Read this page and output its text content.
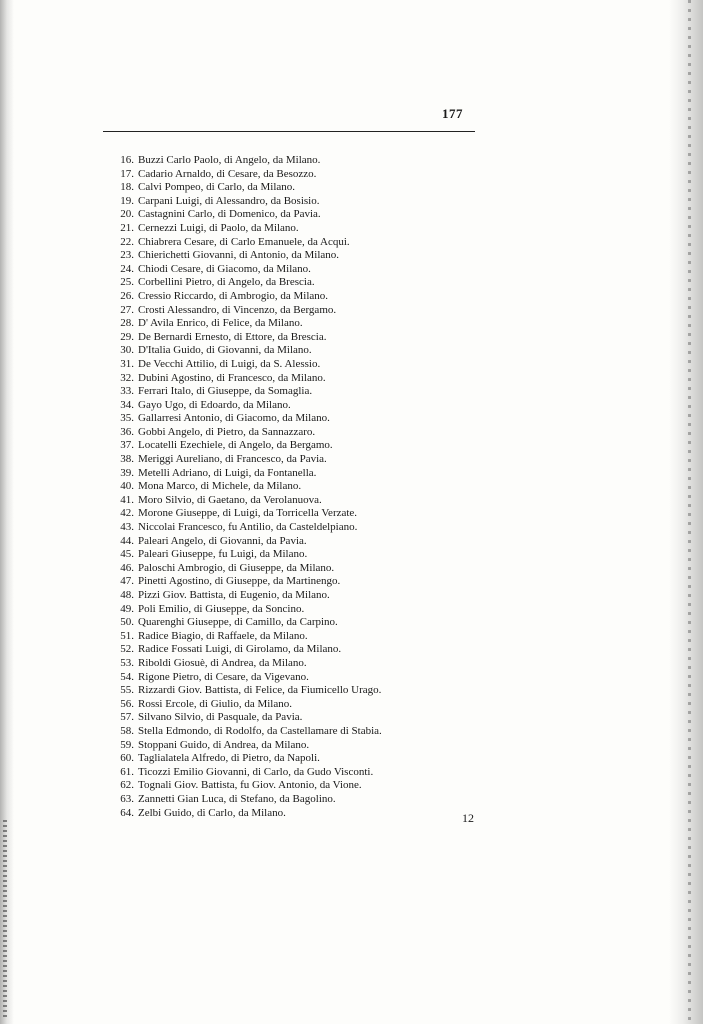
177
16. Buzzi Carlo Paolo, di Angelo, da Milano.
17. Cadario Arnaldo, di Cesare, da Besozzo.
18. Calvi Pompeo, di Carlo, da Milano.
19. Carpani Luigi, di Alessandro, da Bosisio.
20. Castagnini Carlo, di Domenico, da Pavia.
21. Cernezzi Luigi, di Paolo, da Milano.
22. Chiabrera Cesare, di Carlo Emanuele, da Acqui.
23. Chierichetti Giovanni, di Antonio, da Milano.
24. Chiodi Cesare, di Giacomo, da Milano.
25. Corbellini Pietro, di Angelo, da Brescia.
26. Cressio Riccardo, di Ambrogio, da Milano.
27. Crosti Alessandro, di Vincenzo, da Bergamo.
28. D' Avila Enrico, di Felice, da Milano.
29. De Bernardi Ernesto, di Ettore, da Brescia.
30. D'Italia Guido, di Giovanni, da Milano.
31. De Vecchi Attilio, di Luigi, da S. Alessio.
32. Dubini Agostino, di Francesco, da Milano.
33. Ferrari Italo, di Giuseppe, da Somaglia.
34. Gayo Ugo, di Edoardo, da Milano.
35. Gallarresi Antonio, di Giacomo, da Milano.
36. Gobbi Angelo, di Pietro, da Sannazzaro.
37. Locatelli Ezechiele, di Angelo, da Bergamo.
38. Meriggi Aureliano, di Francesco, da Pavia.
39. Metelli Adriano, di Luigi, da Fontanella.
40. Mona Marco, di Michele, da Milano.
41. Moro Silvio, di Gaetano, da Verolanuova.
42. Morone Giuseppe, di Luigi, da Torricella Verzate.
43. Niccolai Francesco, fu Antilio, da Casteldelpiano.
44. Paleari Angelo, di Giovanni, da Pavia.
45. Paleari Giuseppe, fu Luigi, da Milano.
46. Paloschi Ambrogio, di Giuseppe, da Milano.
47. Pinetti Agostino, di Giuseppe, da Martinengo.
48. Pizzi Giov. Battista, di Eugenio, da Milano.
49. Poli Emilio, di Giuseppe, da Soncino.
50. Quarenghi Giuseppe, di Camillo, da Carpino.
51. Radice Biagio, di Raffaele, da Milano.
52. Radice Fossati Luigi, di Girolamo, da Milano.
53. Riboldi Giosuè, di Andrea, da Milano.
54. Rigone Pietro, di Cesare, da Vigevano.
55. Rizzardi Giov. Battista, di Felice, da Fiumicello Urago.
56. Rossi Ercole, di Giulio, da Milano.
57. Silvano Silvio, di Pasquale, da Pavia.
58. Stella Edmondo, di Rodolfo, da Castellamare di Stabia.
59. Stoppani Guido, di Andrea, da Milano.
60. Taglialatela Alfredo, di Pietro, da Napoli.
61. Ticozzi Emilio Giovanni, di Carlo, da Gudo Visconti.
62. Tognali Giov. Battista, fu Giov. Antonio, da Vione.
63. Zannetti Gian Luca, di Stefano, da Bagolino.
64. Zelbi Guido, di Carlo, da Milano.	12
